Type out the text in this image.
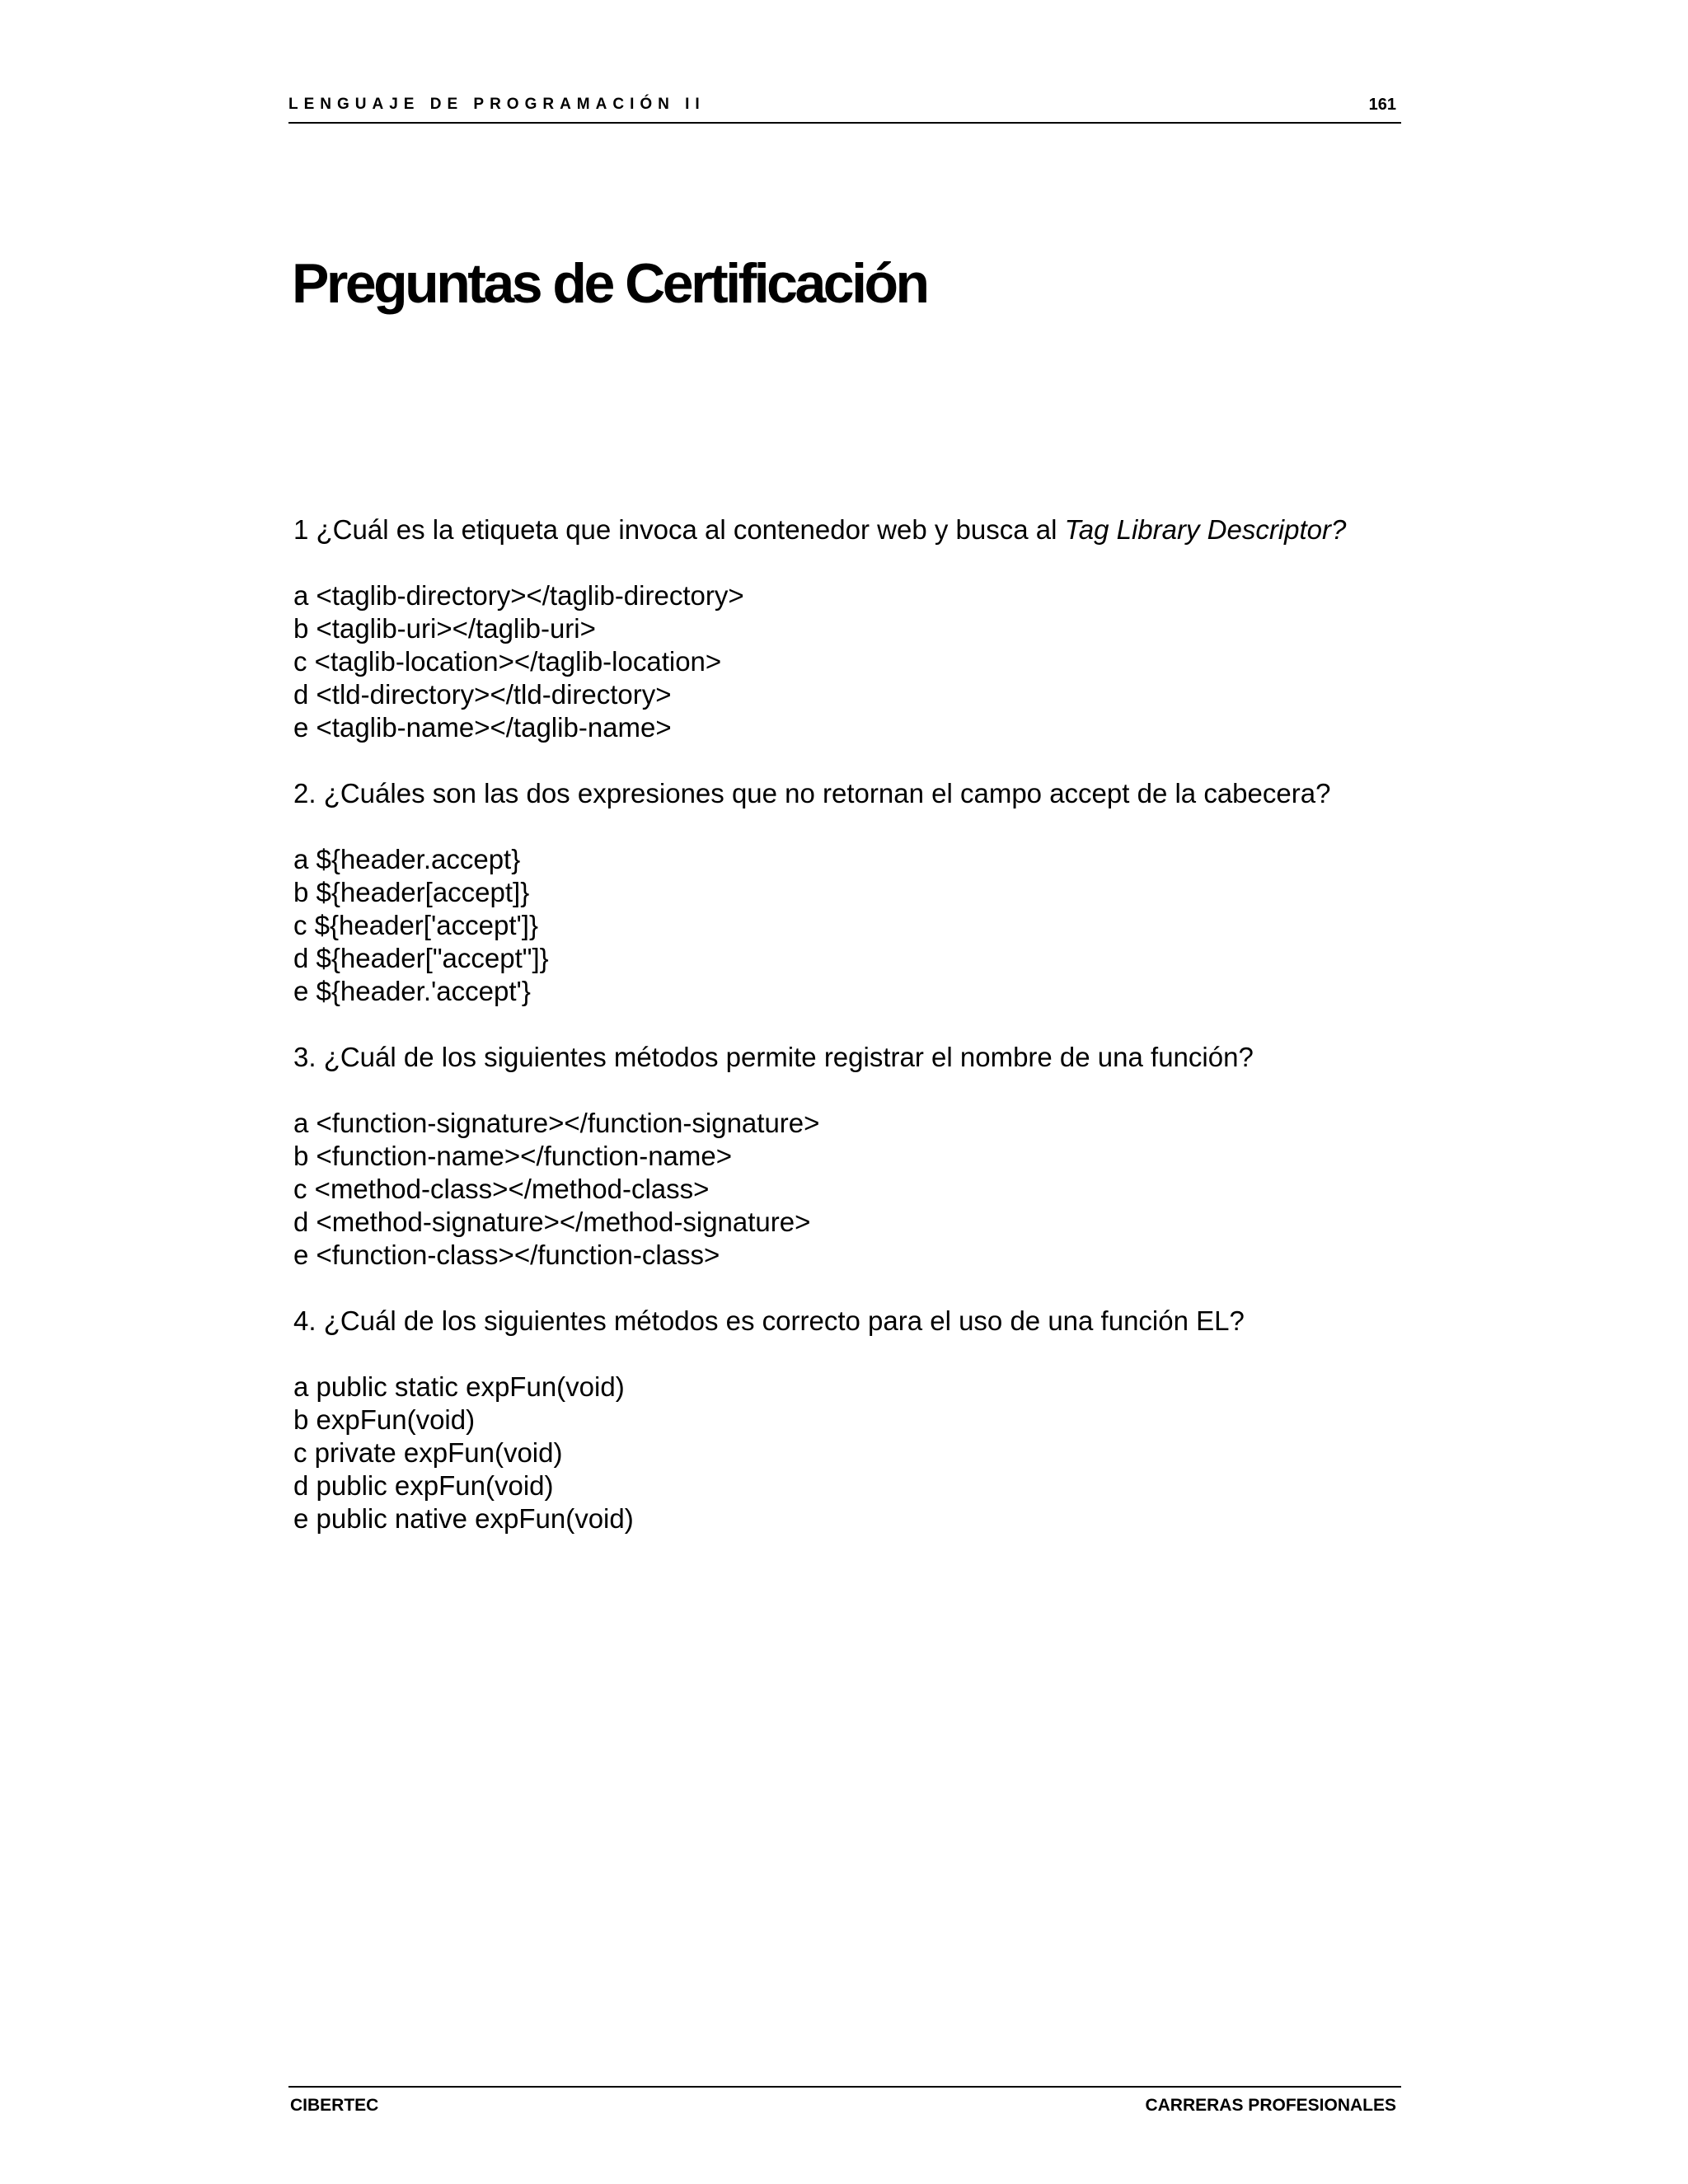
LENGUAJE DE PROGRAMACIÓN II	161
Preguntas de Certificación

1 ¿Cuál es la etiqueta que invoca al contenedor web y busca al Tag Library Descriptor?

a <taglib-directory></taglib-directory>
b <taglib-uri></taglib-uri>
c <taglib-location></taglib-location>
d <tld-directory></tld-directory>
e <taglib-name></taglib-name>

2. ¿Cuáles son las dos expresiones que no retornan el campo accept de la cabecera?

a ${header.accept}
b ${header[accept]}
c ${header['accept']}
d ${header["accept"]}
e ${header.'accept'}

3. ¿Cuál de los siguientes métodos permite registrar el nombre de una función?

a <function-signature></function-signature>
b <function-name></function-name>
c <method-class></method-class>
d <method-signature></method-signature>
e <function-class></function-class>

4. ¿Cuál de los siguientes métodos es correcto para el uso de una función EL?

a public static expFun(void)
b expFun(void)
c private expFun(void)
d public expFun(void)
e public native expFun(void)
CIBERTEC	CARRERAS PROFESIONALES
